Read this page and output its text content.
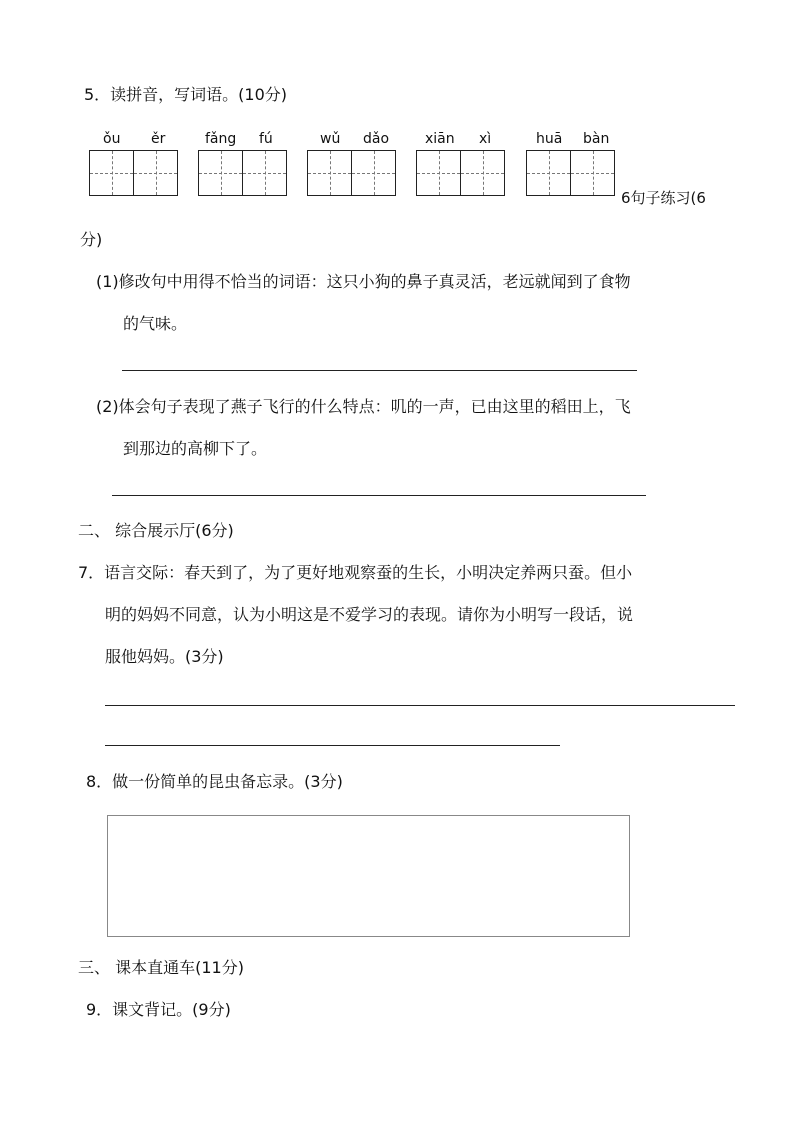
5．读拼音，写词语。(10分)
ǒu ěr	fǎng fú	wǔ dǎo	xiān xì	huā bàn
6句子练习(6
分)
(1)修改句中用得不恰当的词语：这只小狗的鼻子真灵活，老远就闻到了食物
的气味。
(2)体会句子表现了燕子飞行的什么特点：叽的一声，已由这里的稻田上，飞
到那边的高柳下了。
二、 综合展示厅(6分)
7．语言交际：春天到了，为了更好地观察蚕的生长，小明决定养两只蚕。但小
明的妈妈不同意，认为小明这是不爱学习的表现。请你为小明写一段话，说
服他妈妈。(3分)
8．做一份简单的昆虫备忘录。(3分)
三、 课本直通车(11分)
9．课文背记。(9分)
